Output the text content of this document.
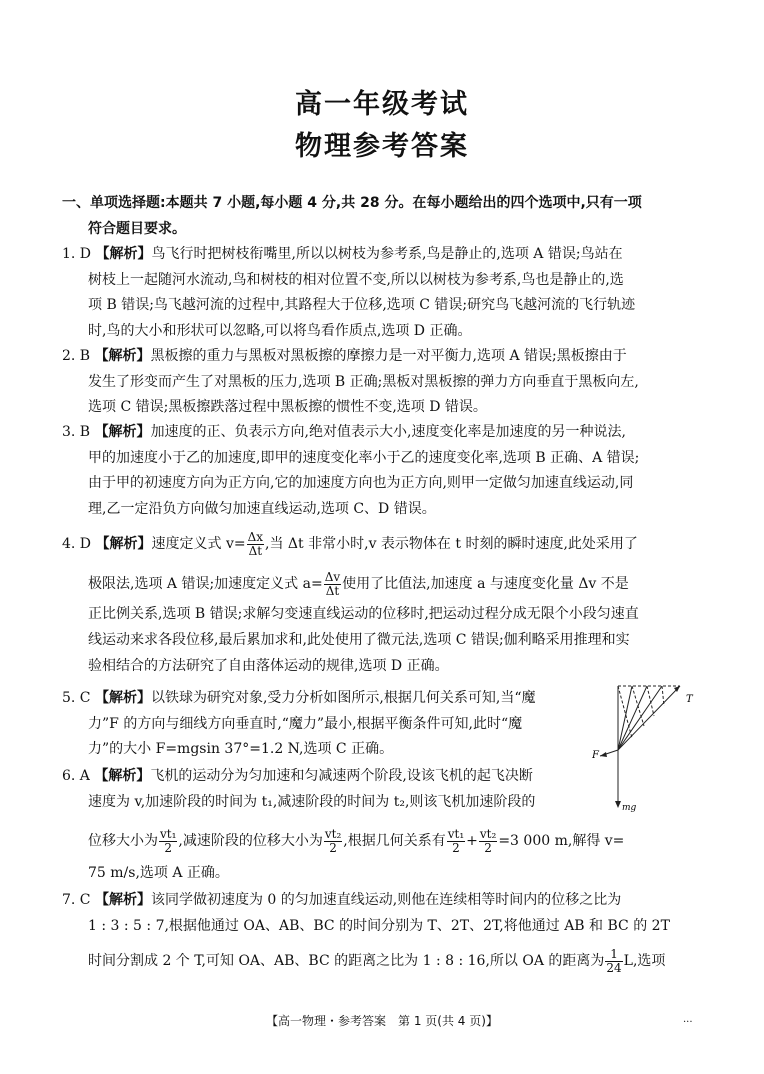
高一年级考试
物理参考答案
一、单项选择题:本题共 7 小题,每小题 4 分,共 28 分。在每小题给出的四个选项中,只有一项
符合题目要求。
1. D 【解析】鸟飞行时把树枝衔嘴里,所以以树枝为参考系,鸟是静止的,选项 A 错误;鸟站在
树枝上一起随河水流动,鸟和树枝的相对位置不变,所以以树枝为参考系,鸟也是静止的,选
项 B 错误;鸟飞越河流的过程中,其路程大于位移,选项 C 错误;研究鸟飞越河流的飞行轨迹
时,鸟的大小和形状可以忽略,可以将鸟看作质点,选项 D 正确。
2. B 【解析】黑板擦的重力与黑板对黑板擦的摩擦力是一对平衡力,选项 A 错误;黑板擦由于
发生了形变而产生了对黑板的压力,选项 B 正确;黑板对黑板擦的弹力方向垂直于黑板向左,
选项 C 错误;黑板擦跌落过程中黑板擦的惯性不变,选项 D 错误。
3. B 【解析】加速度的正、负表示方向,绝对值表示大小,速度变化率是加速度的另一种说法,
甲的加速度小于乙的加速度,即甲的速度变化率小于乙的速度变化率,选项 B 正确、A 错误;
由于甲的初速度方向为正方向,它的加速度方向也为正方向,则甲一定做匀加速直线运动,同
理,乙一定沿负方向做匀加速直线运动,选项 C、D 错误。
4. D 【解析】速度定义式 $v= \frac{\Delta x}{\Delta t}$ ,当 Δt 非常小时,v 表示物体在 t 时刻的瞬时速度,此处采用了
极限法,选项 A 错误;加速度定义式 $a= \frac{\Delta v}{\Delta t}$ 使用了比值法,加速度 a 与速度变化量 Δv 不是
正比例关系,选项 B 错误;求解匀变速直线运动的位移时,把运动过程分成无限个小段匀速直
线运动来求各段位移,最后累加求和,此处使用了微元法,选项 C 错误;伽利略采用推理和实
验相结合的方法研究了自由落体运动的规律,选项 D 正确。
5. C 【解析】以铁球为研究对象,受力分析如图所示,根据几何关系可知,当“魔
力”F 的方向与细线方向垂直时,“魔力”最小,根据平衡条件可知,此时“魔
力”的大小 F=mgsin 37°=1.2 N,选项 C 正确。
T
F
mg
6. A 【解析】飞机的运动分为匀加速和匀减速两个阶段,设该飞机的起飞决断
速度为 v,加速阶段的时间为 t₁,减速阶段的时间为 t₂,则该飞机加速阶段的
位移大小为 $\frac{\text{vt₁}}{2}$ ,减速阶段的位移大小为 $\frac{\text{vt₂}}{2}$ ,根据几何关系有 $\frac{\text{vt₁}}{2} + \frac{\text{vt₂}}{2} =3$ 000 m,解得 v=
75 m/s,选项 A 正确。
7. C 【解析】该同学做初速度为 0 的匀加速直线运动,则他在连续相等时间内的位移之比为
1 : 3 : 5 : 7,根据他通过 OA、AB、BC 的时间分别为 T、2T、2T,将他通过 AB 和 BC 的 2T
时间分割成 2 个 T,可知 OA、AB、BC 的距离之比为 1 : 8 : 16,所以 OA 的距离为 $\frac{1}{24} L$,选项
【高一物理・参考答案　第 1 页(共 4 页)】	...
